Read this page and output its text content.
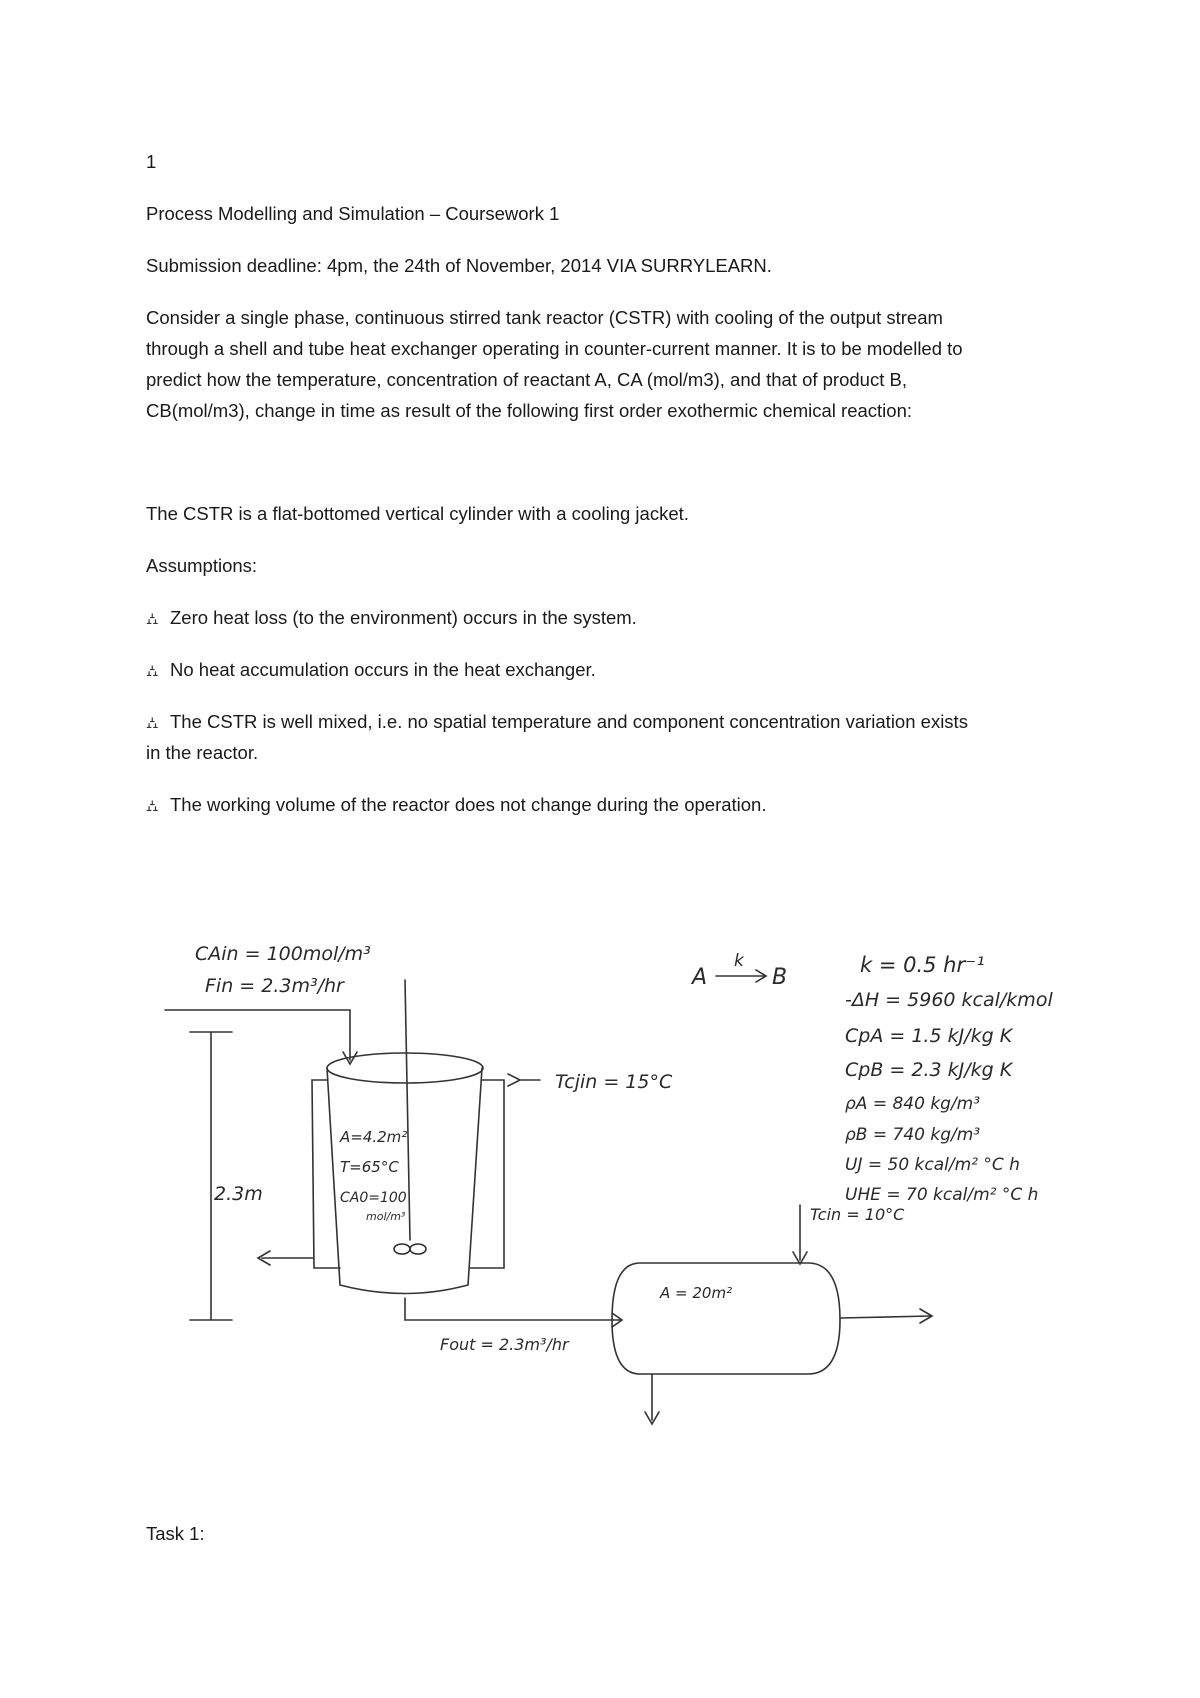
1
Process Modelling and Simulation – Coursework 1
Submission deadline: 4pm, the 24th of November, 2014 VIA SURRYLEARN.
Consider a single phase, continuous stirred tank reactor (CSTR) with cooling of the output stream
through a shell and tube heat exchanger operating in counter-current manner. It is to be modelled to
predict how the temperature, concentration of reactant A, CA (mol/m3), and that of product B,
CB(mol/m3), change in time as result of the following first order exothermic chemical reaction:
The CSTR is a flat-bottomed vertical cylinder with a cooling jacket.
Assumptions:
⛼ Zero heat loss (to the environment) occurs in the system.
⛼ No heat accumulation occurs in the heat exchanger.
⛼ The CSTR is well mixed, i.e. no spatial temperature and component concentration variation exists
in the reactor.
⛼ The working volume of the reactor does not change during the operation.
CAin = 100mol/m³
Fin = 2.3m³/hr	A
k
B
2.3m
A=4.2m²
T=65°C
CA0=100
mol/m³
Tcjin = 15°C
Fout = 2.3m³/hr
A = 20m²
Tcin = 10°C
k = 0.5 hr⁻¹
-ΔH = 5960 kcal/kmol
CpA = 1.5 kJ/kg K
CpB = 2.3 kJ/kg K
ρA = 840 kg/m³
ρB = 740 kg/m³
UJ = 50 kcal/m² °C h
UHE = 70 kcal/m² °C h
Task 1:
